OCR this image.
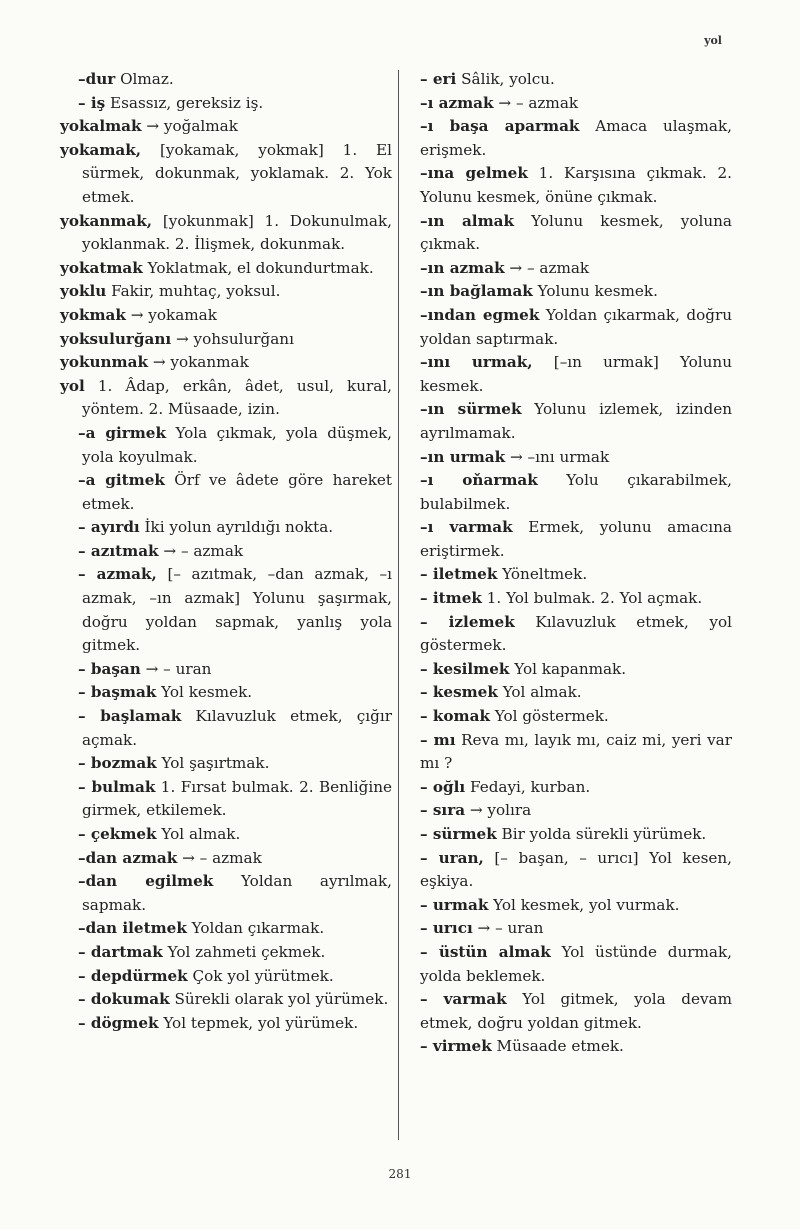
yol
–dur Olmaz.
– iş Esassız, gereksiz iş.
yokalmak → yoğalmak
yokamak, [yokamak, yokmak] 1. El sürmek, dokunmak, yoklamak. 2. Yok etmek.
yokanmak, [yokunmak] 1. Dokunulmak, yoklanmak. 2. İlişmek, dokunmak.
yokatmak Yoklatmak, el dokundurtmak.
yoklu Fakir, muhtaç, yoksul.
yokmak → yokamak
yoksulurğanı → yohsulurğanı
yokunmak → yokanmak
yol 1. Âdap, erkân, âdet, usul, kural, yöntem. 2. Müsaade, izin.
–a girmek Yola çıkmak, yola düşmek, yola koyulmak.
–a gitmek Örf ve âdete göre hareket etmek.
– ayırdı İki yolun ayrıldığı nokta.
– azıtmak → – azmak
– azmak, [– azıtmak, –dan azmak, –ı azmak, –ın azmak] Yolunu şaşırmak, doğru yoldan sapmak, yanlış yola gitmek.
– başan → – uran
– başmak Yol kesmek.
– başlamak Kılavuzluk etmek, çığır açmak.
– bozmak Yol şaşırtmak.
– bulmak 1. Fırsat bulmak. 2. Benliğine girmek, etkilemek.
– çekmek Yol almak.
–dan azmak → – azmak
–dan egilmek Yoldan ayrılmak, sapmak.
–dan iletmek Yoldan çıkarmak.
– dartmak Yol zahmeti çekmek.
– depdürmek Çok yol yürütmek.
– dokumak Sürekli olarak yol yürümek.
– dögmek Yol tepmek, yol yürümek.
– eri Sâlik, yolcu.
–ı azmak → – azmak
–ı başa aparmak Amaca ulaşmak, erişmek.
–ına gelmek 1. Karşısına çıkmak. 2. Yolunu kesmek, önüne çıkmak.
–ın almak Yolunu kesmek, yoluna çıkmak.
–ın azmak → – azmak
–ın bağlamak Yolunu kesmek.
–ından egmek Yoldan çıkarmak, doğru yoldan saptırmak.
–ını urmak, [–ın urmak] Yolunu kesmek.
–ın sürmek Yolunu izlemek, izinden ayrılmamak.
–ın urmak → –ını urmak
–ı oňarmak Yolu çıkarabilmek, bulabilmek.
–ı varmak Ermek, yolunu amacına eriştirmek.
– iletmek Yöneltmek.
– itmek 1. Yol bulmak. 2. Yol açmak.
– izlemek Kılavuzluk etmek, yol göstermek.
– kesilmek Yol kapanmak.
– kesmek Yol almak.
– komak Yol göstermek.
– mı Reva mı, layık mı, caiz mi, yeri var mı ?
– oğlı Fedayi, kurban.
– sıra → yolıra
– sürmek Bir yolda sürekli yürümek.
– uran, [– başan, – urıcı] Yol kesen, eşkiya.
– urmak Yol kesmek, yol vurmak.
– urıcı → – uran
– üstün almak Yol üstünde durmak, yolda beklemek.
– varmak Yol gitmek, yola devam etmek, doğru yoldan gitmek.
– virmek Müsaade etmek.
281
